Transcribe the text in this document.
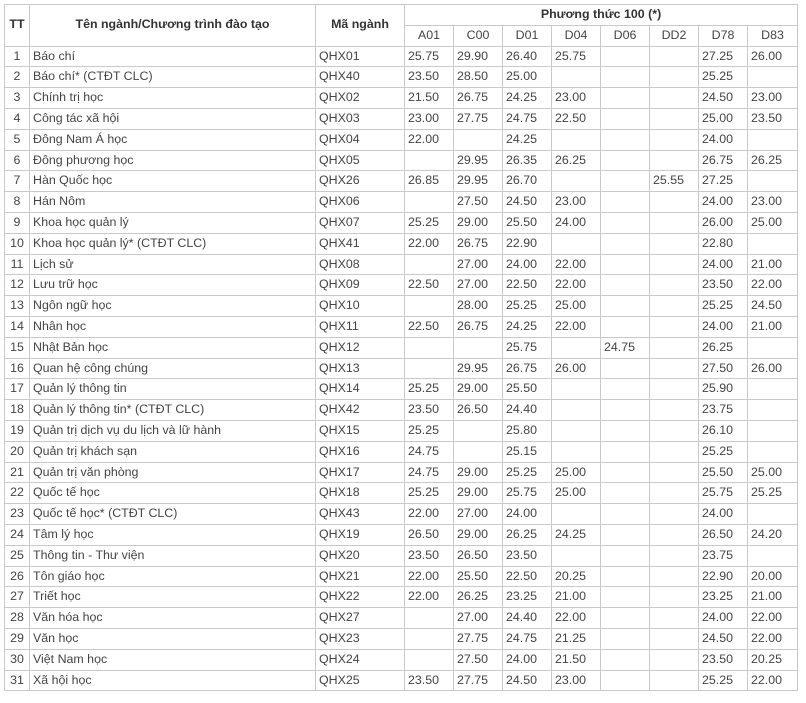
TT	Tên ngành/Chương trình đào tạo	Mã ngành	Phương thức 100 (*)							
			A01	C00	D01	D04	D06	DD2	D78	D83
1	Báo chí	QHX01	25.75	29.90	26.40	25.75			27.25	26.00
2	Báo chí* (CTĐT CLC)	QHX40	23.50	28.50	25.00				25.25	
3	Chính trị học	QHX02	21.50	26.75	24.25	23.00			24.50	23.00
4	Công tác xã hội	QHX03	23.00	27.75	24.75	22.50			25.00	23.50
5	Đông Nam Á học	QHX04	22.00		24.25				24.00	
6	Đông phương học	QHX05		29.95	26.35	26.25			26.75	26.25
7	Hàn Quốc học	QHX26	26.85	29.95	26.70			25.55	27.25	
8	Hán Nôm	QHX06		27.50	24.50	23.00			24.00	23.00
9	Khoa học quản lý	QHX07	25.25	29.00	25.50	24.00			26.00	25.00
10	Khoa học quản lý* (CTĐT CLC)	QHX41	22.00	26.75	22.90				22.80	
11	Lịch sử	QHX08		27.00	24.00	22.00			24.00	21.00
12	Lưu trữ học	QHX09	22.50	27.00	22.50	22.00			23.50	22.00
13	Ngôn ngữ học	QHX10		28.00	25.25	25.00			25.25	24.50
14	Nhân học	QHX11	22.50	26.75	24.25	22.00			24.00	21.00
15	Nhật Bản học	QHX12			25.75		24.75		26.25	
16	Quan hệ công chúng	QHX13		29.95	26.75	26.00			27.50	26.00
17	Quản lý thông tin	QHX14	25.25	29.00	25.50				25.90	
18	Quản lý thông tin* (CTĐT CLC)	QHX42	23.50	26.50	24.40				23.75	
19	Quản trị dịch vụ du lịch và lữ hành	QHX15	25.25		25.80				26.10	
20	Quản trị khách sạn	QHX16	24.75		25.15				25.25	
21	Quản trị văn phòng	QHX17	24.75	29.00	25.25	25.00			25.50	25.00
22	Quốc tế học	QHX18	25.25	29.00	25.75	25.00			25.75	25.25
23	Quốc tế học* (CTĐT CLC)	QHX43	22.00	27.00	24.00				24.00	
24	Tâm lý học	QHX19	26.50	29.00	26.25	24.25			26.50	24.20
25	Thông tin - Thư viện	QHX20	23.50	26.50	23.50				23.75	
26	Tôn giáo học	QHX21	22.00	25.50	22.50	20.25			22.90	20.00
27	Triết học	QHX22	22.00	26.25	23.25	21.00			23.25	21.00
28	Văn hóa học	QHX27		27.00	24.40	22.00			24.00	22.00
29	Văn học	QHX23		27.75	24.75	21.25			24.50	22.00
30	Việt Nam học	QHX24		27.50	24.00	21.50			23.50	20.25
31	Xã hội học	QHX25	23.50	27.75	24.50	23.00			25.25	22.00
